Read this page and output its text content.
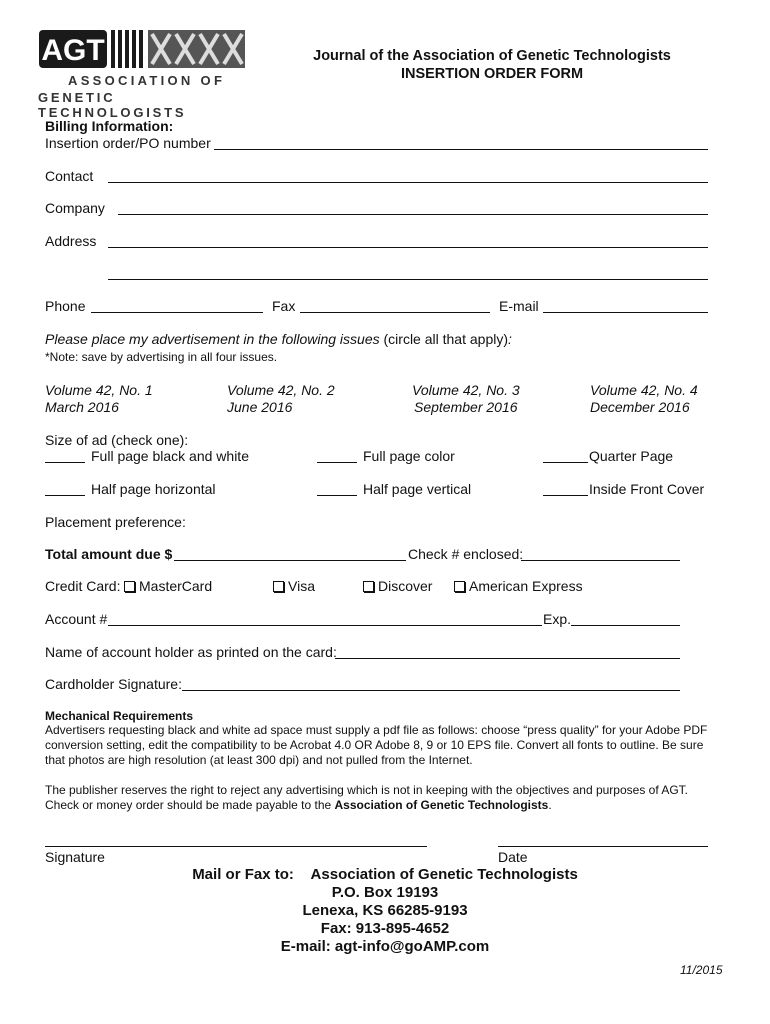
AGT
ASSOCIATION OF
GENETIC TECHNOLOGISTS
Journal of the Association of Genetic Technologists
INSERTION ORDER FORM
Billing Information:
Insertion order/PO number
Contact
Company
Address
Phone	Fax	E-mail
Please place my advertisement in the following issues (circle all that apply):
*Note: save by advertising in all four issues.
Volume 42, No. 1
March 2016
Volume 42, No. 2
June 2016
Volume 42, No. 3
September 2016
Volume 42, No. 4
December 2016
Size of ad (check one):
Full page black and white	Full page color	Quarter Page
Half page horizontal	Half page vertical	Inside Front Cover
Placement preference:
Total amount due $	Check # enclosed:
Credit Card:	MasterCard	Visa	Discover	American Express
Account #	Exp.
Name of account holder as printed on the card:
Cardholder Signature:
Mechanical Requirements
Advertisers requesting black and white ad space must supply a pdf file as follows: choose “press quality” for your Adobe PDF conversion setting, edit the compatibility to be Acrobat 4.0 OR Adobe 8, 9 or 10 EPS file. Convert all fonts to outline. Be sure that photos are high resolution (at least 300 dpi) and not pulled from the Internet.
The publisher reserves the right to reject any advertising which is not in keeping with the objectives and purposes of AGT.
Check or money order should be made payable to the Association of Genetic Technologists.
Signature	Date
Mail or Fax to: Association of Genetic Technologists
P.O. Box 19193
Lenexa, KS 66285-9193
Fax: 913-895-4652
E-mail: agt-info@goAMP.com
11/2015
